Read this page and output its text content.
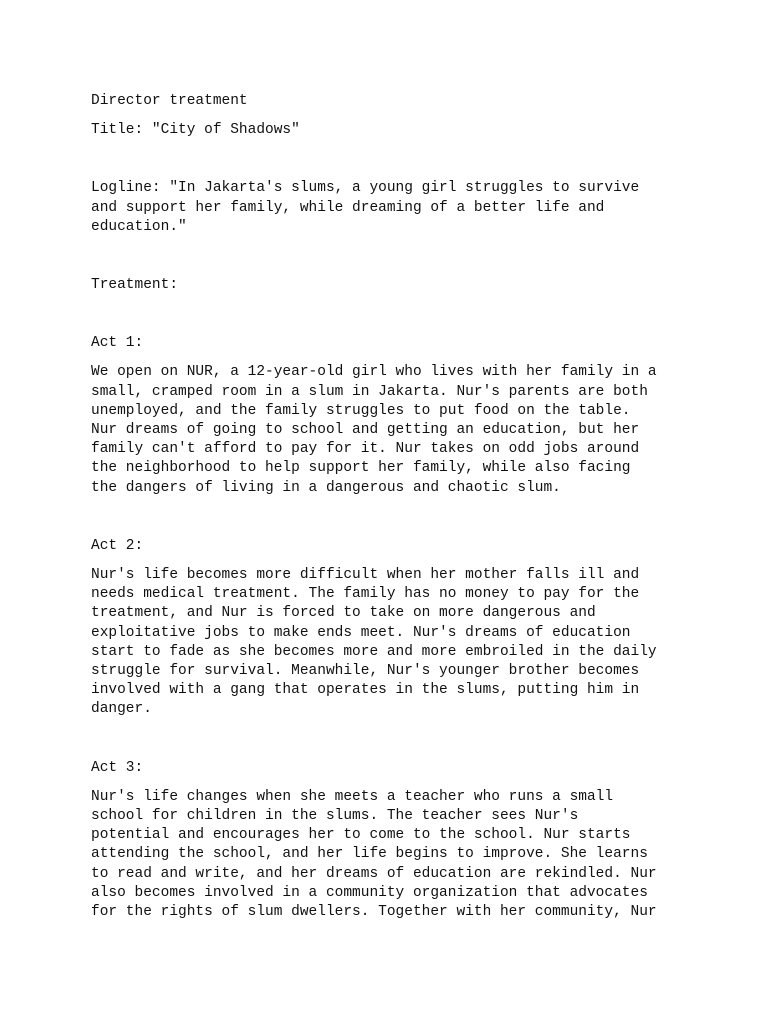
Director treatment

Title: "City of Shadows"

Logline: "In Jakarta's slums, a young girl struggles to survive
and support her family, while dreaming of a better life and
education."

Treatment:

Act 1:

We open on NUR, a 12-year-old girl who lives with her family in a
small, cramped room in a slum in Jakarta. Nur's parents are both
unemployed, and the family struggles to put food on the table.
Nur dreams of going to school and getting an education, but her
family can't afford to pay for it. Nur takes on odd jobs around
the neighborhood to help support her family, while also facing
the dangers of living in a dangerous and chaotic slum.

Act 2:

Nur's life becomes more difficult when her mother falls ill and
needs medical treatment. The family has no money to pay for the
treatment, and Nur is forced to take on more dangerous and
exploitative jobs to make ends meet. Nur's dreams of education
start to fade as she becomes more and more embroiled in the daily
struggle for survival. Meanwhile, Nur's younger brother becomes
involved with a gang that operates in the slums, putting him in
danger.

Act 3:

Nur's life changes when she meets a teacher who runs a small
school for children in the slums. The teacher sees Nur's
potential and encourages her to come to the school. Nur starts
attending the school, and her life begins to improve. She learns
to read and write, and her dreams of education are rekindled. Nur
also becomes involved in a community organization that advocates
for the rights of slum dwellers. Together with her community, Nur
